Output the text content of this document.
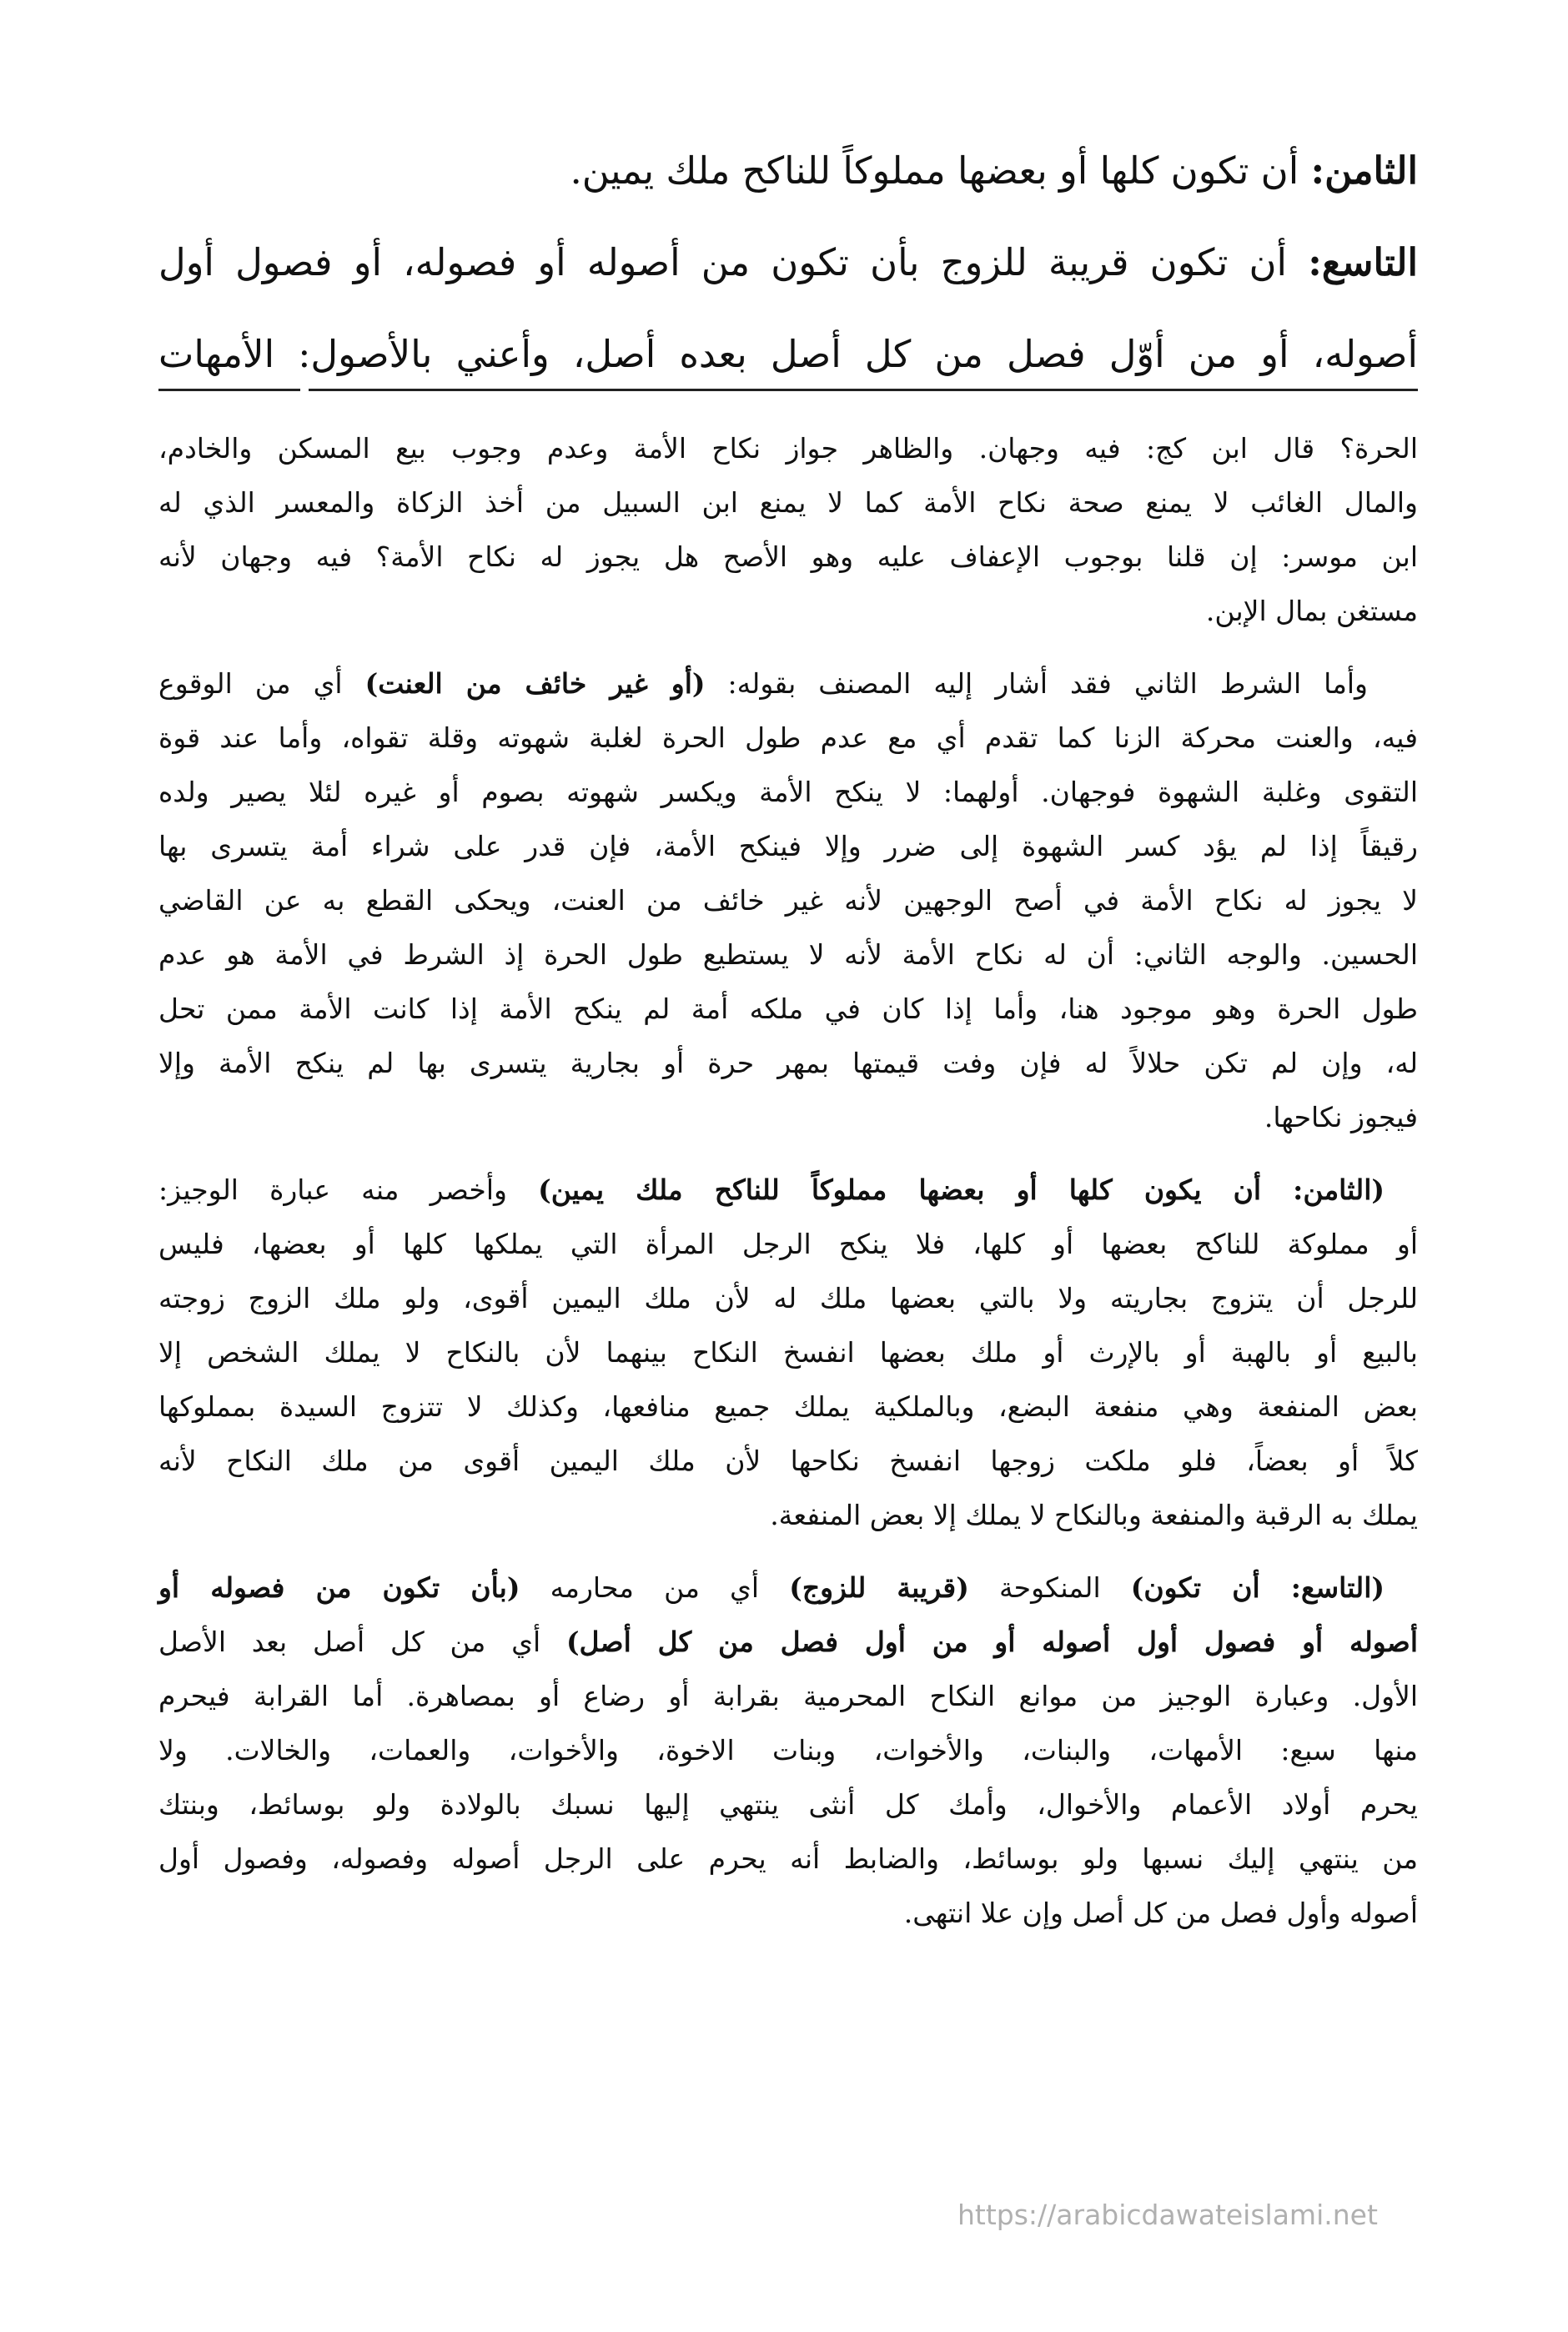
الثامن: أن تكون كلها أو بعضها مملوكاً للناكح ملك يمين.
التاسع: أن تكون قريبة للزوج بأن تكون من أصوله أو فصوله، أو فصول أول
أصوله، أو من أوّل فصل من كل أصل بعده أصل، وأعني بالأصول: الأمهات
الحرة؟ قال ابن كج: فيه وجهان. والظاهر جواز نكاح الأمة وعدم وجوب بيع المسكن والخادم،
والمال الغائب لا يمنع صحة نكاح الأمة كما لا يمنع ابن السبيل من أخذ الزكاة والمعسر الذي له
ابن موسر: إن قلنا بوجوب الإعفاف عليه وهو الأصح هل يجوز له نكاح الأمة؟ فيه وجهان لأنه
مستغن بمال الإبن.
وأما الشرط الثاني فقد أشار إليه المصنف بقوله: (أو غير خائف من العنت) أي من الوقوع
فيه، والعنت محركة الزنا كما تقدم أي مع عدم طول الحرة لغلبة شهوته وقلة تقواه، وأما عند قوة
التقوى وغلبة الشهوة فوجهان. أولهما: لا ينكح الأمة ويكسر شهوته بصوم أو غيره لئلا يصير ولده
رقيقاً إذا لم يؤد كسر الشهوة إلى ضرر وإلا فينكح الأمة، فإن قدر على شراء أمة يتسرى بها
لا يجوز له نكاح الأمة في أصح الوجهين لأنه غير خائف من العنت، ويحكى القطع به عن القاضي
الحسين. والوجه الثاني: أن له نكاح الأمة لأنه لا يستطيع طول الحرة إذ الشرط في الأمة هو عدم
طول الحرة وهو موجود هنا، وأما إذا كان في ملكه أمة لم ينكح الأمة إذا كانت الأمة ممن تحل
له، وإن لم تكن حلالاً له فإن وفت قيمتها بمهر حرة أو بجارية يتسرى بها لم ينكح الأمة وإلا
فيجوز نكاحها.
(الثامن: أن يكون كلها أو بعضها مملوكاً للناكح ملك يمين) وأخصر منه عبارة الوجيز:
أو مملوكة للناكح بعضها أو كلها، فلا ينكح الرجل المرأة التي يملكها كلها أو بعضها، فليس
للرجل أن يتزوج بجاريته ولا بالتي بعضها ملك له لأن ملك اليمين أقوى، ولو ملك الزوج زوجته
بالبيع أو بالهبة أو بالإرث أو ملك بعضها انفسخ النكاح بينهما لأن بالنكاح لا يملك الشخص إلا
بعض المنفعة وهي منفعة البضع، وبالملكية يملك جميع منافعها، وكذلك لا تتزوج السيدة بمملوكها
كلاً أو بعضاً، فلو ملكت زوجها انفسخ نكاحها لأن ملك اليمين أقوى من ملك النكاح لأنه
يملك به الرقبة والمنفعة وبالنكاح لا يملك إلا بعض المنفعة.
(التاسع: أن تكون) المنكوحة (قريبة للزوج) أي من محارمه (بأن تكون من فصوله أو
أصوله أو فصول أول أصوله أو من أول فصل من كل أصل) أي من كل أصل بعد الأصل
الأول. وعبارة الوجيز من موانع النكاح المحرمية بقرابة أو رضاع أو بمصاهرة. أما القرابة فيحرم
منها سبع: الأمهات، والبنات، والأخوات، وبنات الاخوة، والأخوات، والعمات، والخالات. ولا
يحرم أولاد الأعمام والأخوال، وأمك كل أنثى ينتهي إليها نسبك بالولادة ولو بوسائط، وبنتك
من ينتهي إليك نسبها ولو بوسائط، والضابط أنه يحرم على الرجل أصوله وفصوله، وفصول أول
أصوله وأول فصل من كل أصل وإن علا انتهى.
https://arabicdawateislami.net
